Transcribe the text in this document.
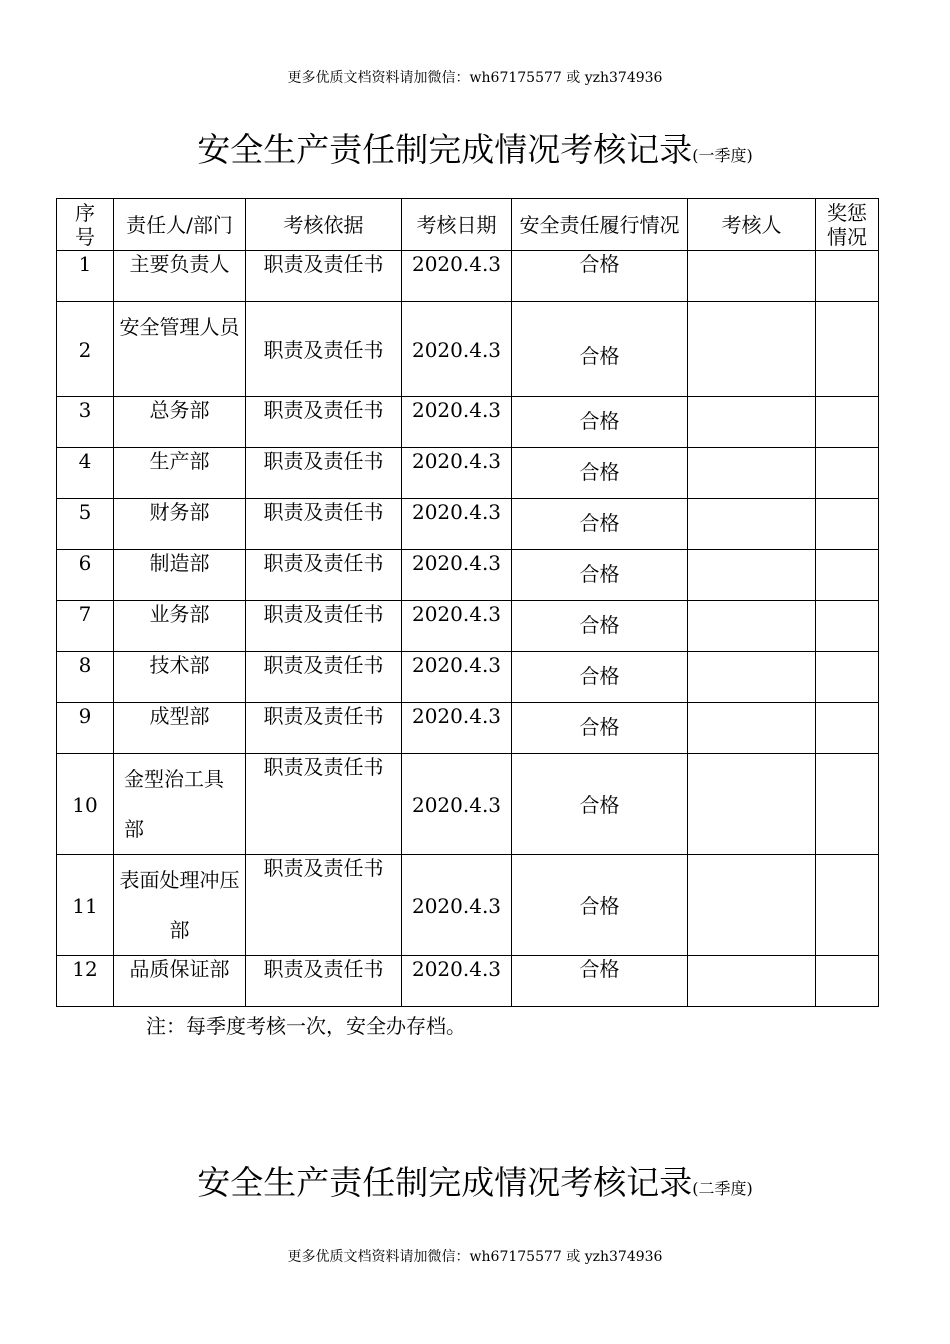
更多优质文档资料请加微信：wh67175577 或 yzh374936
安全生产责任制完成情况考核记录(一季度)
序号	责任人/部门	考核依据	考核日期	安全责任履行情况	考核人	奖惩情况

1	主要负责人	职责及责任书	2020.4.3	合格		

2	安全管理人员	职责及责任书	2020.4.3	合格		

3	总务部	职责及责任书	2020.4.3	合格		

4	生产部	职责及责任书	2020.4.3	合格		

5	财务部	职责及责任书	2020.4.3	合格		

6	制造部	职责及责任书	2020.4.3	合格		

7	业务部	职责及责任书	2020.4.3	合格		

8	技术部	职责及责任书	2020.4.3	合格		

9	成型部	职责及责任书	2020.4.3	合格		

10	金型治工具部	职责及责任书	2020.4.3	合格		

11	表面处理冲压部	职责及责任书	2020.4.3	合格		

12	品质保证部	职责及责任书	2020.4.3	合格		

注：每季度考核一次，安全办存档。
安全生产责任制完成情况考核记录(二季度)
更多优质文档资料请加微信：wh67175577 或 yzh374936
